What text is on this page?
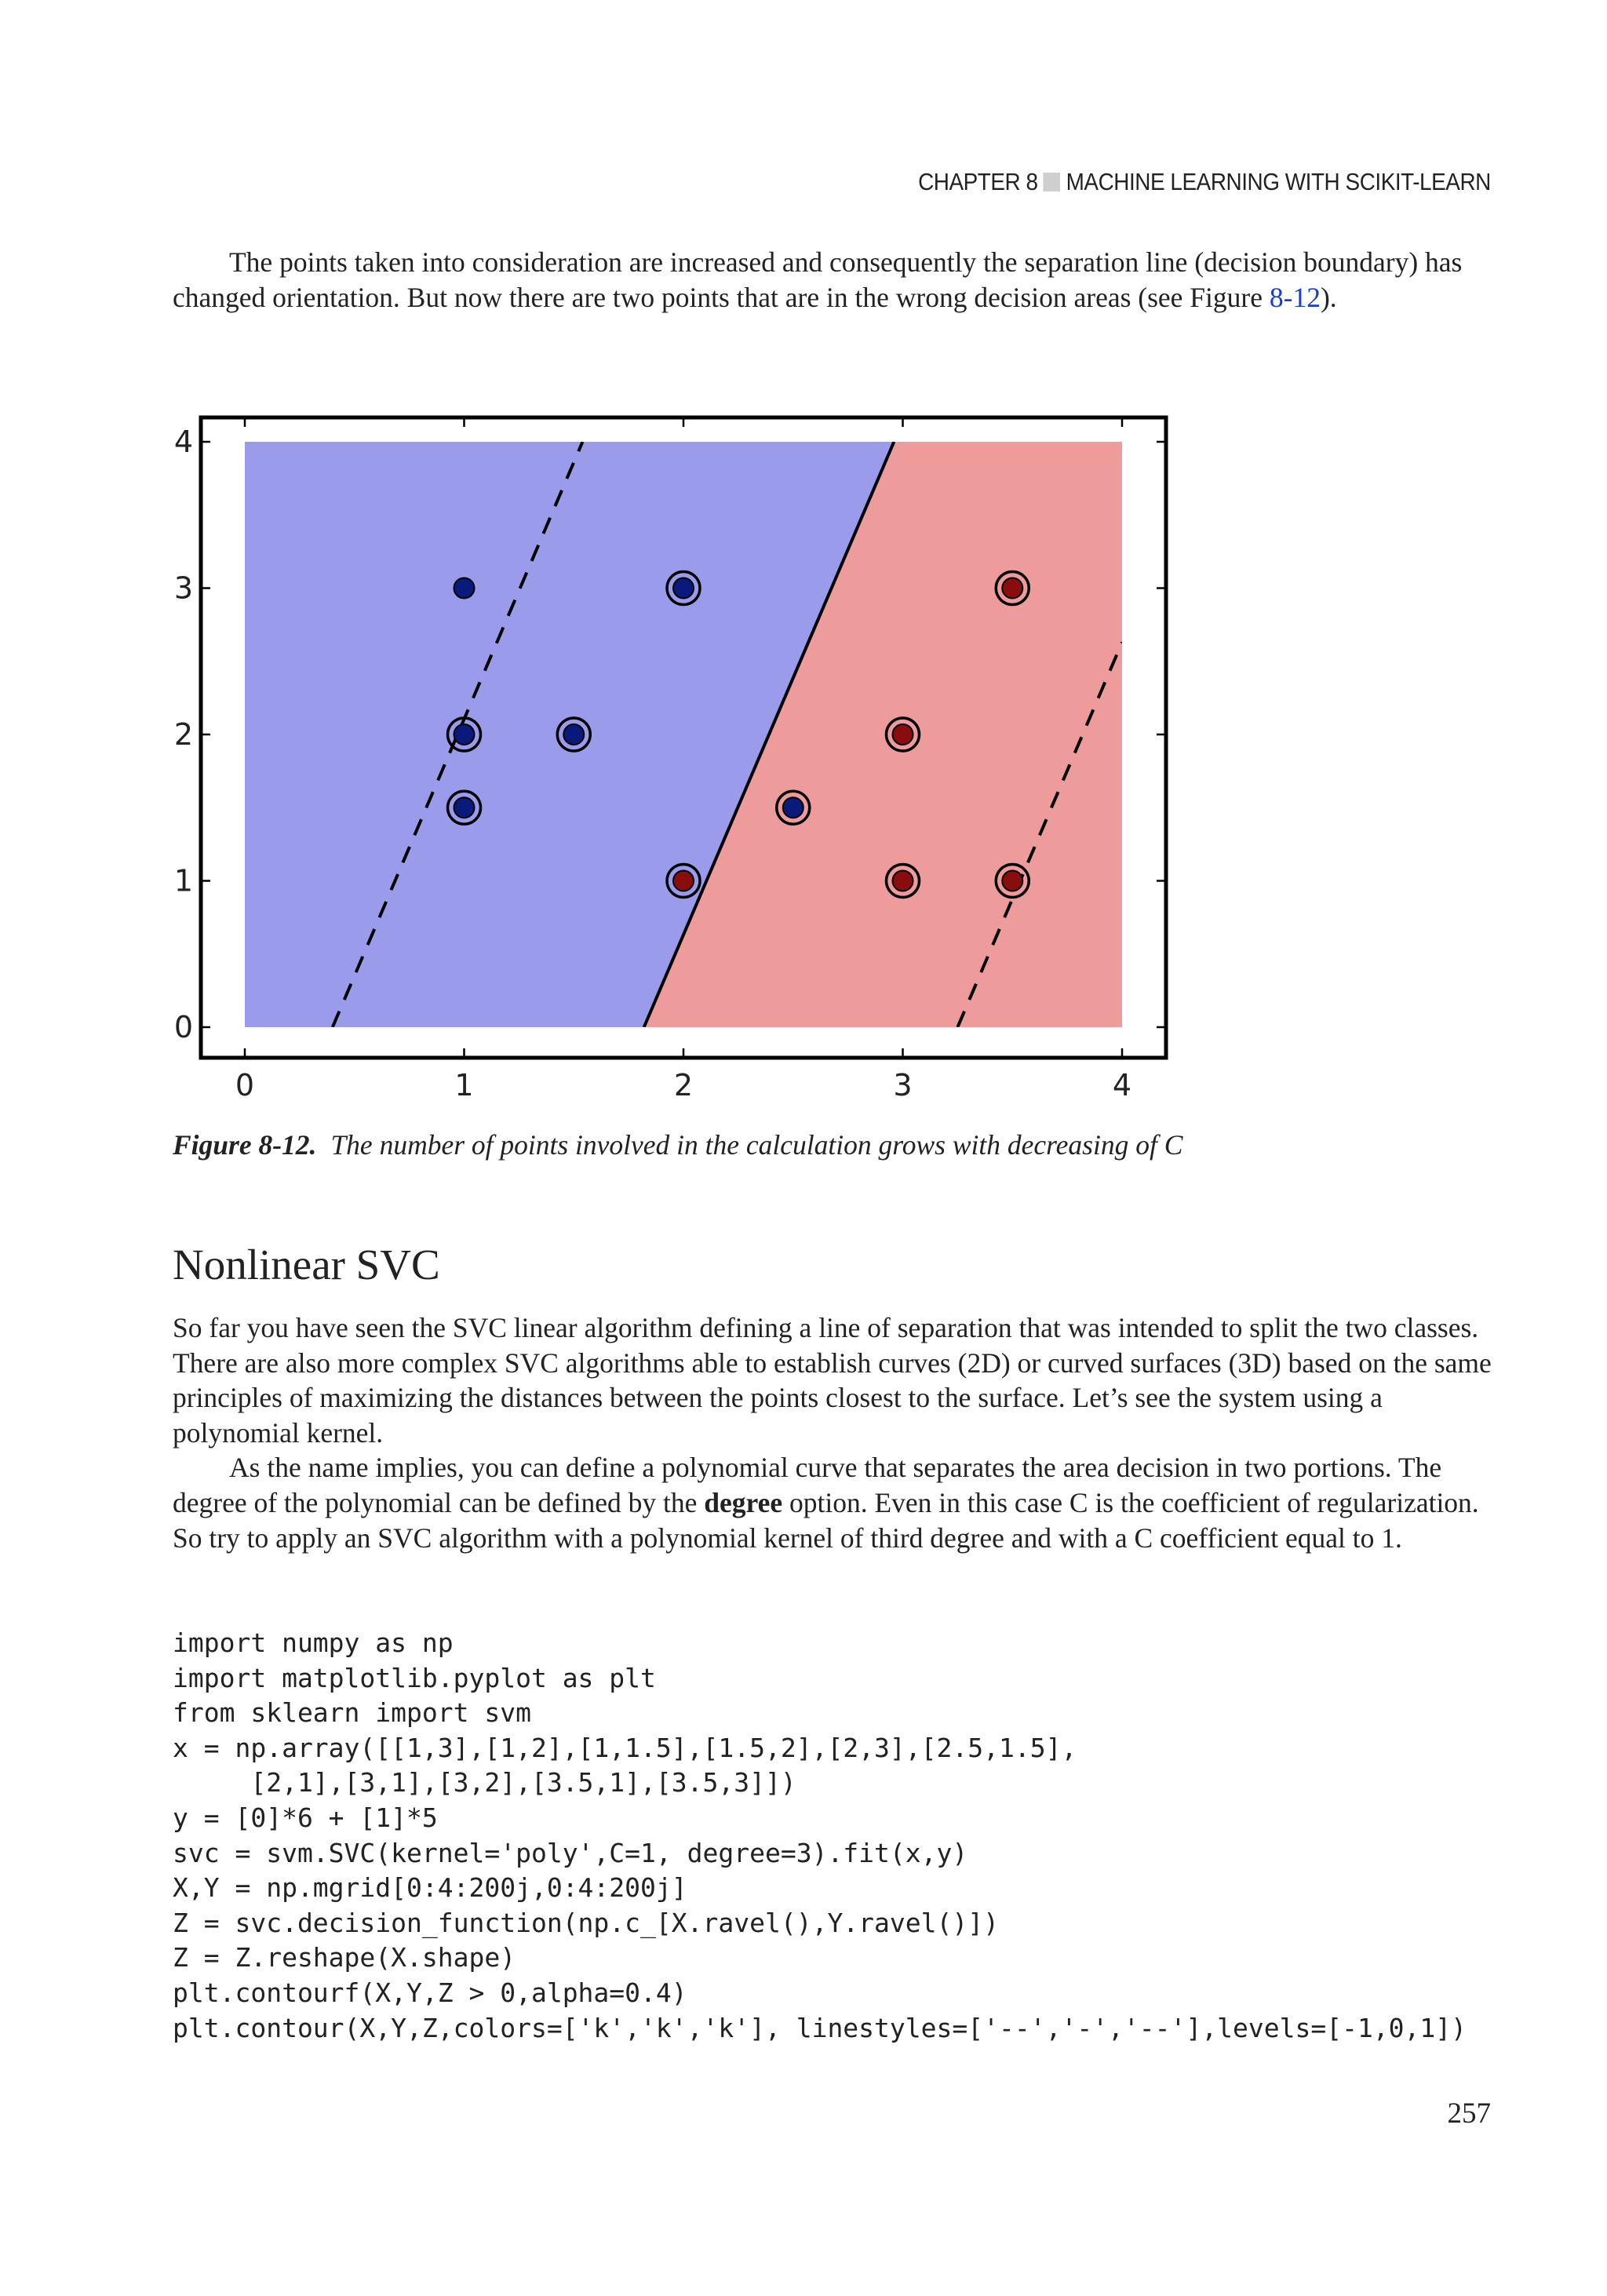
CHAPTER 8 MACHINE LEARNING WITH SCIKIT-LEARN

The points taken into consideration are increased and consequently the separation line (decision boundary) has changed orientation. But now there are two points that are in the wrong decision areas (see Figure 8-12).

0	1	2	3	4
0
1
2
3
4
Figure 8-12. The number of points involved in the calculation grows with decreasing of C
Nonlinear SVC

So far you have seen the SVC linear algorithm defining a line of separation that was intended to split the two classes. There are also more complex SVC algorithms able to establish curves (2D) or curved surfaces (3D) based on the same principles of maximizing the distances between the points closest to the surface. Let’s see the system using a polynomial kernel.

As the name implies, you can define a polynomial curve that separates the area decision in two portions. The degree of the polynomial can be defined by the degree option. Even in this case C is the coefficient of regularization. So try to apply an SVC algorithm with a polynomial kernel of third degree and with a C coefficient equal to 1.

import numpy as np
import matplotlib.pyplot as plt
from sklearn import svm
x = np.array([[1,3],[1,2],[1,1.5],[1.5,2],[2,3],[2.5,1.5],
[2,1],[3,1],[3,2],[3.5,1],[3.5,3]])
y = [0]*6 + [1]*5
svc = svm.SVC(kernel='poly',C=1, degree=3).fit(x,y)
X,Y = np.mgrid[0:4:200j,0:4:200j]
Z = svc.decision_function(np.c_[X.ravel(),Y.ravel()])
Z = Z.reshape(X.shape)
plt.contourf(X,Y,Z > 0,alpha=0.4)
plt.contour(X,Y,Z,colors=['k','k','k'], linestyles=['--','-','--'],levels=[-1,0,1])
257
